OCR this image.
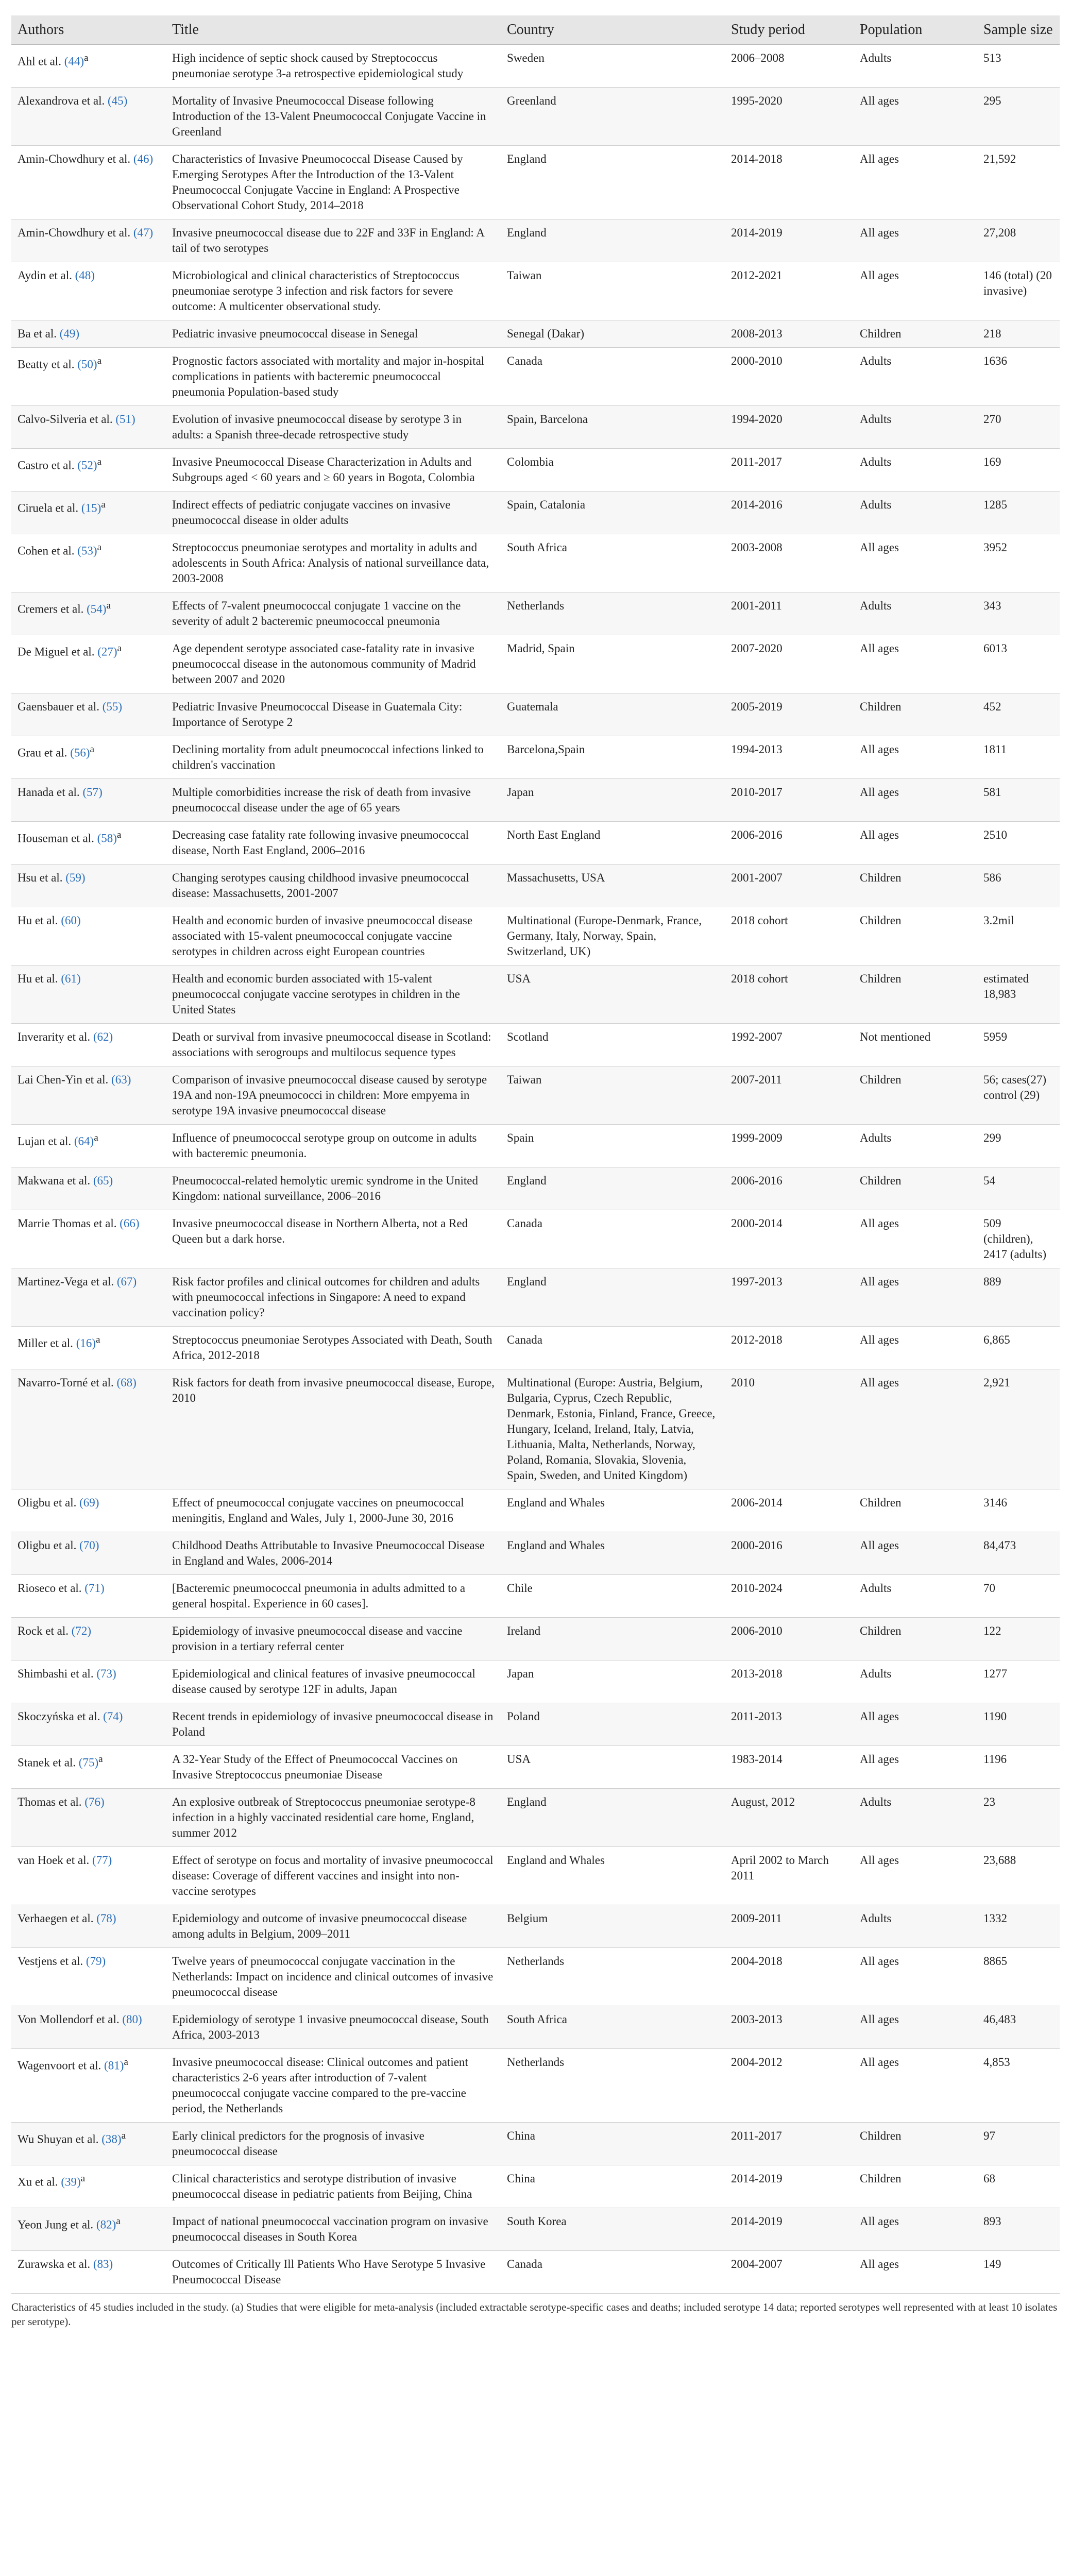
Authors	Title	Country	Study period	Population	Sample size
Ahl et al. $(44)^a$	High incidence of septic shock caused by Streptococcus pneumoniae serotype 3-a retrospective epidemiological study	Sweden	2006–2008	Adults	513
Alexandrova et al. (45)	Mortality of Invasive Pneumococcal Disease following Introduction of the 13-Valent Pneumococcal Conjugate Vaccine in Greenland	Greenland	1995-2020	All ages	295
Amin-Chowdhury et al. (46)	Characteristics of Invasive Pneumococcal Disease Caused by Emerging Serotypes After the Introduction of the 13-Valent Pneumococcal Conjugate Vaccine in England: A Prospective Observational Cohort Study, 2014–2018	England	2014-2018	All ages	21,592
Amin-Chowdhury et al. (47)	Invasive pneumococcal disease due to 22F and 33F in England: A tail of two serotypes	England	2014-2019	All ages	27,208
Aydin et al. (48)	Microbiological and clinical characteristics of Streptococcus pneumoniae serotype 3 infection and risk factors for severe outcome: A multicenter observational study.	Taiwan	2012-2021	All ages	146 (total) (20 invasive)
Ba et al. (49)	Pediatric invasive pneumococcal disease in Senegal	Senegal (Dakar)	2008-2013	Children	218
Beatty et al. $(50)^a$	Prognostic factors associated with mortality and major in-hospital complications in patients with bacteremic pneumococcal pneumonia Population-based study	Canada	2000-2010	Adults	1636
Calvo-Silveria et al. (51)	Evolution of invasive pneumococcal disease by serotype 3 in adults: a Spanish three-decade retrospective study	Spain, Barcelona	1994-2020	Adults	270
Castro et al. $(52)^a$	Invasive Pneumococcal Disease Characterization in Adults and Subgroups aged < 60 years and ≥ 60 years in Bogota, Colombia	Colombia	2011-2017	Adults	169
Ciruela et al. $(15)^a$	Indirect effects of pediatric conjugate vaccines on invasive pneumococcal disease in older adults	Spain, Catalonia	2014-2016	Adults	1285
Cohen et al. $(53)^a$	Streptococcus pneumoniae serotypes and mortality in adults and adolescents in South Africa: Analysis of national surveillance data, 2003-2008	South Africa	2003-2008	All ages	3952
Cremers et al. $(54)^a$	Effects of 7-valent pneumococcal conjugate 1 vaccine on the severity of adult 2 bacteremic pneumococcal pneumonia	Netherlands	2001-2011	Adults	343
De Miguel et al. $(27)^a$	Age dependent serotype associated case-fatality rate in invasive pneumococcal disease in the autonomous community of Madrid between 2007 and 2020	Madrid, Spain	2007-2020	All ages	6013
Gaensbauer et al. (55)	Pediatric Invasive Pneumococcal Disease in Guatemala City: Importance of Serotype 2	Guatemala	2005-2019	Children	452
Grau et al. $(56)^a$	Declining mortality from adult pneumococcal infections linked to children's vaccination	Barcelona,Spain	1994-2013	All ages	1811
Hanada et al. (57)	Multiple comorbidities increase the risk of death from invasive pneumococcal disease under the age of 65 years	Japan	2010-2017	All ages	581
Houseman et al. $(58)^a$	Decreasing case fatality rate following invasive pneumococcal disease, North East England, 2006–2016	North East England	2006-2016	All ages	2510
Hsu et al. (59)	Changing serotypes causing childhood invasive pneumococcal disease: Massachusetts, 2001-2007	Massachusetts, USA	2001-2007	Children	586
Hu et al. (60)	Health and economic burden of invasive pneumococcal disease associated with 15-valent pneumococcal conjugate vaccine serotypes in children across eight European countries	Multinational (Europe-Denmark, France, Germany, Italy, Norway, Spain, Switzerland, UK)	2018 cohort	Children	3.2mil
Hu et al. (61)	Health and economic burden associated with 15-valent pneumococcal conjugate vaccine serotypes in children in the United States	USA	2018 cohort	Children	estimated 18,983
Inverarity et al. (62)	Death or survival from invasive pneumococcal disease in Scotland: associations with serogroups and multilocus sequence types	Scotland	1992-2007	Not mentioned	5959
Lai Chen-Yin et al. (63)	Comparison of invasive pneumococcal disease caused by serotype 19A and non-19A pneumococci in children: More empyema in serotype 19A invasive pneumococcal disease	Taiwan	2007-2011	Children	56; cases(27) control (29)
Lujan et al. $(64)^a$	Influence of pneumococcal serotype group on outcome in adults with bacteremic pneumonia.	Spain	1999-2009	Adults	299
Makwana et al. (65)	Pneumococcal-related hemolytic uremic syndrome in the United Kingdom: national surveillance, 2006–2016	England	2006-2016	Children	54
Marrie Thomas et al. (66)	Invasive pneumococcal disease in Northern Alberta, not a Red Queen but a dark horse.	Canada	2000-2014	All ages	509 (children), 2417 (adults)
Martinez-Vega et al. (67)	Risk factor profiles and clinical outcomes for children and adults with pneumococcal infections in Singapore: A need to expand vaccination policy?	England	1997-2013	All ages	889
Miller et al. $(16)^a$	Streptococcus pneumoniae Serotypes Associated with Death, South Africa, 2012-2018	Canada	2012-2018	All ages	6,865
Navarro-Torné et al. (68)	Risk factors for death from invasive pneumococcal disease, Europe, 2010	Multinational (Europe: Austria, Belgium, Bulgaria, Cyprus, Czech Republic, Denmark, Estonia, Finland, France, Greece, Hungary, Iceland, Ireland, Italy, Latvia, Lithuania, Malta, Netherlands, Norway, Poland, Romania, Slovakia, Slovenia, Spain, Sweden, and United Kingdom)	2010	All ages	2,921
Oligbu et al. (69)	Effect of pneumococcal conjugate vaccines on pneumococcal meningitis, England and Wales, July 1, 2000-June 30, 2016	England and Whales	2006-2014	Children	3146
Oligbu et al. (70)	Childhood Deaths Attributable to Invasive Pneumococcal Disease in England and Wales, 2006-2014	England and Whales	2000-2016	All ages	84,473
Rioseco et al. (71)	[Bacteremic pneumococcal pneumonia in adults admitted to a general hospital. Experience in 60 cases].	Chile	2010-2024	Adults	70
Rock et al. (72)	Epidemiology of invasive pneumococcal disease and vaccine provision in a tertiary referral center	Ireland	2006-2010	Children	122
Shimbashi et al. (73)	Epidemiological and clinical features of invasive pneumococcal disease caused by serotype 12F in adults, Japan	Japan	2013-2018	Adults	1277
Skoczyńska et al. (74)	Recent trends in epidemiology of invasive pneumococcal disease in Poland	Poland	2011-2013	All ages	1190
Stanek et al. $(75)^a$	A 32-Year Study of the Effect of Pneumococcal Vaccines on Invasive Streptococcus pneumoniae Disease	USA	1983-2014	All ages	1196
Thomas et al. (76)	An explosive outbreak of Streptococcus pneumoniae serotype-8 infection in a highly vaccinated residential care home, England, summer 2012	England	August, 2012	Adults	23
van Hoek et al. (77)	Effect of serotype on focus and mortality of invasive pneumococcal disease: Coverage of different vaccines and insight into non-vaccine serotypes	England and Whales	April 2002 to March 2011	All ages	23,688
Verhaegen et al. (78)	Epidemiology and outcome of invasive pneumococcal disease among adults in Belgium, 2009–2011	Belgium	2009-2011	Adults	1332
Vestjens et al. (79)	Twelve years of pneumococcal conjugate vaccination in the Netherlands: Impact on incidence and clinical outcomes of invasive pneumococcal disease	Netherlands	2004-2018	All ages	8865
Von Mollendorf et al. (80)	Epidemiology of serotype 1 invasive pneumococcal disease, South Africa, 2003-2013	South Africa	2003-2013	All ages	46,483
Wagenvoort et al. $(81)^a$	Invasive pneumococcal disease: Clinical outcomes and patient characteristics 2-6 years after introduction of 7-valent pneumococcal conjugate vaccine compared to the pre-vaccine period, the Netherlands	Netherlands	2004-2012	All ages	4,853
Wu Shuyan et al. $(38)^a$	Early clinical predictors for the prognosis of invasive pneumococcal disease	China	2011-2017	Children	97
Xu et al. $(39)^a$	Clinical characteristics and serotype distribution of invasive pneumococcal disease in pediatric patients from Beijing, China	China	2014-2019	Children	68
Yeon Jung et al. $(82)^a$	Impact of national pneumococcal vaccination program on invasive pneumococcal diseases in South Korea	South Korea	2014-2019	All ages	893
Zurawska et al. (83)	Outcomes of Critically Ill Patients Who Have Serotype 5 Invasive Pneumococcal Disease	Canada	2004-2007	All ages	149
Characteristics of 45 studies included in the study. (a) Studies that were eligible for meta-analysis (included extractable serotype-specific cases and deaths; included serotype 14 data; reported serotypes well represented with at least 10 isolates per serotype).
